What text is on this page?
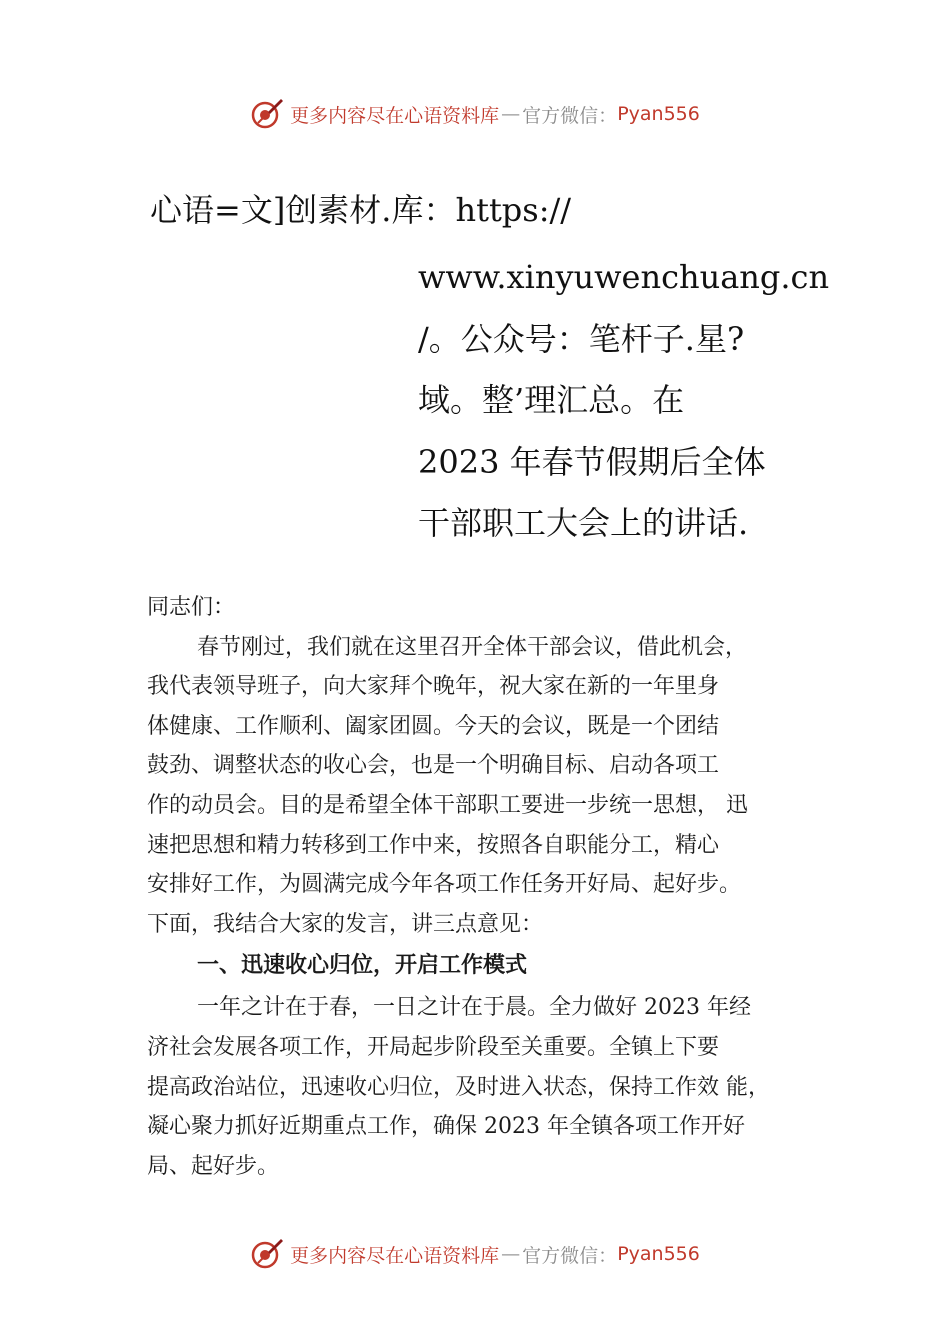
更多内容尽在心语资料库 — 官方微信： Pyan556
心语=文]创素材.库：https://
www.xinyuwenchuang.cn
/。公众号：笔杆子.星?
域。整’理汇总。在
2023 年春节假期后全体
干部职工大会上的讲话.
同志们：
春节刚过，我们就在这里召开全体干部会议，借此机会，
我代表领导班子，向大家拜个晚年，祝大家在新的一年里身
体健康、工作顺利、阖家团圆。今天的会议，既是一个团结
鼓劲、调整状态的收心会，也是一个明确目标、启动各项工
作的动员会。目的是希望全体干部职工要进一步统一思想， 迅
速把思想和精力转移到工作中来，按照各自职能分工，精心
安排好工作，为圆满完成今年各项工作任务开好局、起好步。
下面，我结合大家的发言，讲三点意见：
一、迅速收心归位，开启工作模式
一年之计在于春，一日之计在于晨。全力做好 2023 年经
济社会发展各项工作，开局起步阶段至关重要。全镇上下要
提高政治站位，迅速收心归位，及时进入状态，保持工作效 能，
凝心聚力抓好近期重点工作，确保 2023 年全镇各项工作开好
局、起好步。
更多内容尽在心语资料库 — 官方微信： Pyan556
